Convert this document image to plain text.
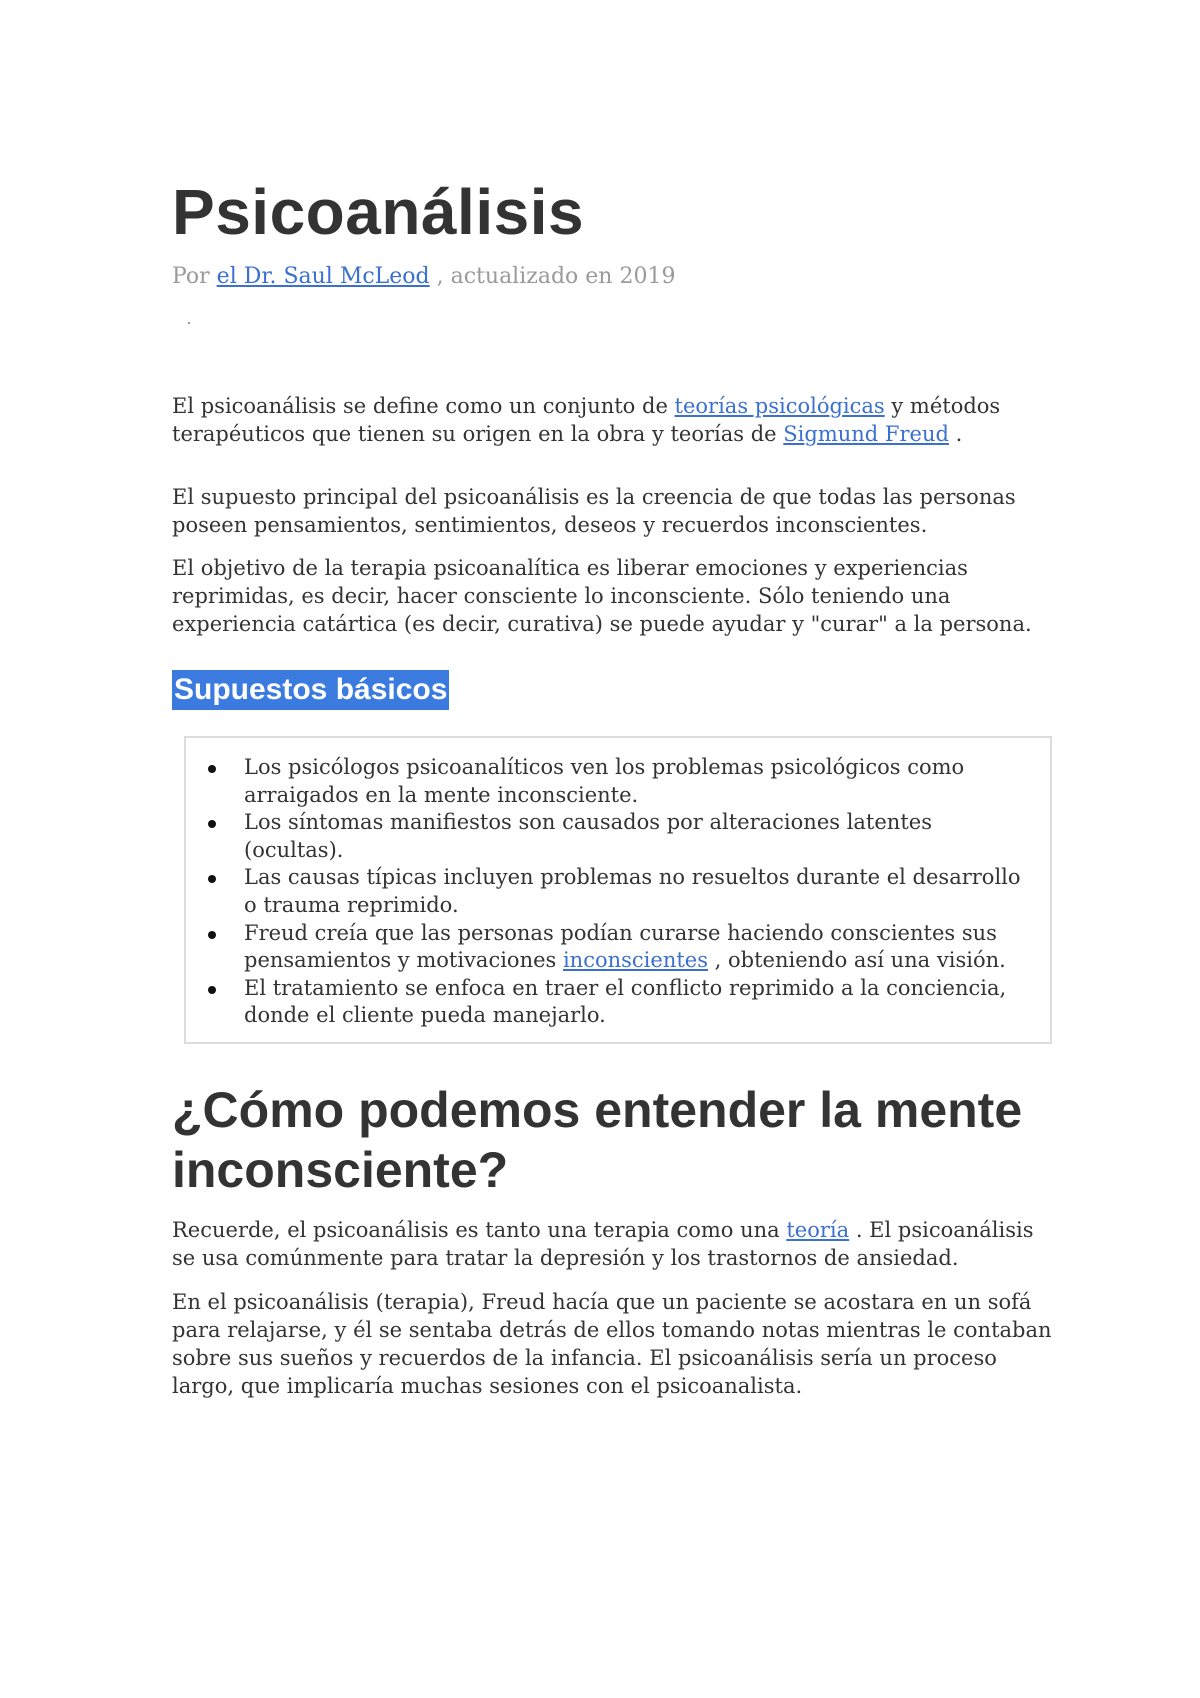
Psicoanálisis

Por el Dr. Saul McLeod , actualizado en 2019

El psicoanálisis se define como un conjunto de teorías psicológicas y métodos terapéuticos que tienen su origen en la obra y teorías de Sigmund Freud .

El supuesto principal del psicoanálisis es la creencia de que todas las personas poseen pensamientos, sentimientos, deseos y recuerdos inconscientes.

El objetivo de la terapia psicoanalítica es liberar emociones y experiencias reprimidas, es decir, hacer consciente lo inconsciente. Sólo teniendo una experiencia catártica (es decir, curativa) se puede ayudar y "curar" a la persona.

Supuestos básicos
Los psicólogos psicoanalíticos ven los problemas psicológicos como arraigados en la mente inconsciente.
Los síntomas manifiestos son causados por alteraciones latentes (ocultas).
Las causas típicas incluyen problemas no resueltos durante el desarrollo o trauma reprimido.
Freud creía que las personas podían curarse haciendo conscientes sus pensamientos y motivaciones inconscientes , obteniendo así una visión.
El tratamiento se enfoca en traer el conflicto reprimido a la conciencia, donde el cliente pueda manejarlo.
¿Cómo podemos entender la mente inconsciente?

Recuerde, el psicoanálisis es tanto una terapia como una teoría . El psicoanálisis se usa comúnmente para tratar la depresión y los trastornos de ansiedad.

En el psicoanálisis (terapia), Freud hacía que un paciente se acostara en un sofá para relajarse, y él se sentaba detrás de ellos tomando notas mientras le contaban sobre sus sueños y recuerdos de la infancia. El psicoanálisis sería un proceso largo, que implicaría muchas sesiones con el psicoanalista.
